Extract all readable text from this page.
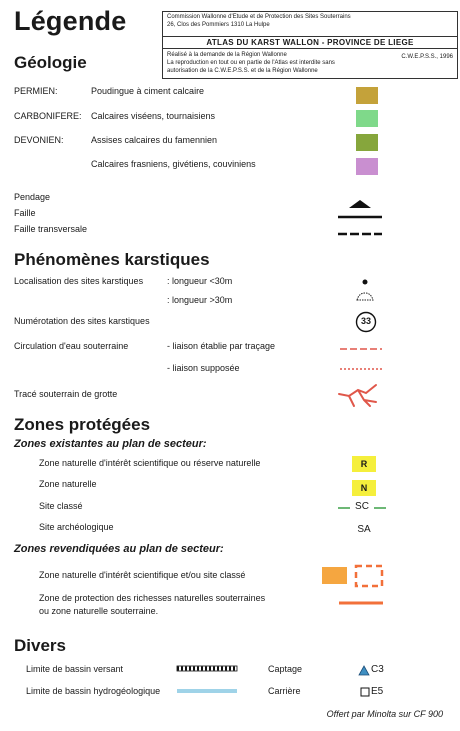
Légende	Commission Wallonne d'Etude et de Protection des Sites Souterrains
26, Clos des Pommiers 1310 La Hulpe
ATLAS DU KARST WALLON - PROVINCE DE LIEGE
Réalisé à la demande de la Région Wallonne
La reproduction en tout ou en partie de l'Atlas est interdite sans
autorisation de la C.W.E.P.S.S. et de la Région Wallonne
C.W.E.P.S.S., 1996
Géologie
PERMIEN:	Poudingue à ciment calcaire
CARBONIFERE: Calcaires viséens, tournaisiens
DEVONIEN:	Assises calcaires du famennien
Calcaires frasniens, givétiens, couviniens
Pendage
Faille
Faille transversale
Phénomènes karstiques
Localisation des sites karstiques	: longueur <30m
: longueur >30m
Numérotation des sites karstiques	33
Circulation d'eau souterraine	- liaison établie par traçage
- liaison supposée
Tracé souterrain de grotte
Zones protégées
Zones existantes au plan de secteur:
Zone naturelle d'intérêt scientifique ou réserve naturelle	R
Zone naturelle	N
Site classé	SC
Site archéologique	SA
Zones revendiquées au plan de secteur:
Zone naturelle d'intérêt scientifique et/ou site classé
Zone de protection des richesses naturelles souterraines
ou zone naturelle souterraine.
Divers
Limite de bassin versant	Captage	C3
Limite de bassin hydrogéologique	Carrière	E5
Offert par Minolta sur CF 900
